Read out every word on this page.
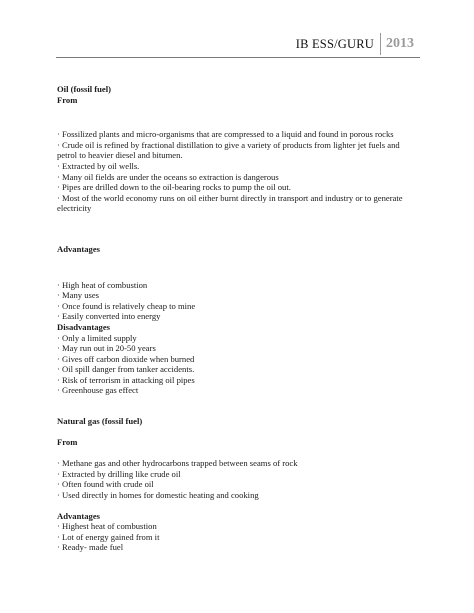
IB ESS/GURU 2013
Oil (fossil fuel)
From
· Fossilized plants and micro-organisms that are compressed to a liquid and found in porous rocks
· Crude oil is refined by fractional distillation to give a variety of products from lighter jet fuels and petrol to heavier diesel and bitumen.
· Extracted by oil wells.
· Many oil fields are under the oceans so extraction is dangerous
· Pipes are drilled down to the oil-bearing rocks to pump the oil out.
· Most of the world economy runs on oil either burnt directly in transport and industry or to generate electricity
Advantages
· High heat of combustion
· Many uses
· Once found is relatively cheap to mine
· Easily converted into energy
Disadvantages
· Only a limited supply
· May run out in 20-50 years
· Gives off carbon dioxide when burned
· Oil spill danger from tanker accidents.
· Risk of terrorism in attacking oil pipes
· Greenhouse gas effect
Natural gas (fossil fuel)
From
· Methane gas and other hydrocarbons trapped between seams of rock
· Extracted by drilling like crude oil
· Often found with crude oil
· Used directly in homes for domestic heating and cooking
Advantages
· Highest heat of combustion
· Lot of energy gained from it
· Ready- made fuel
